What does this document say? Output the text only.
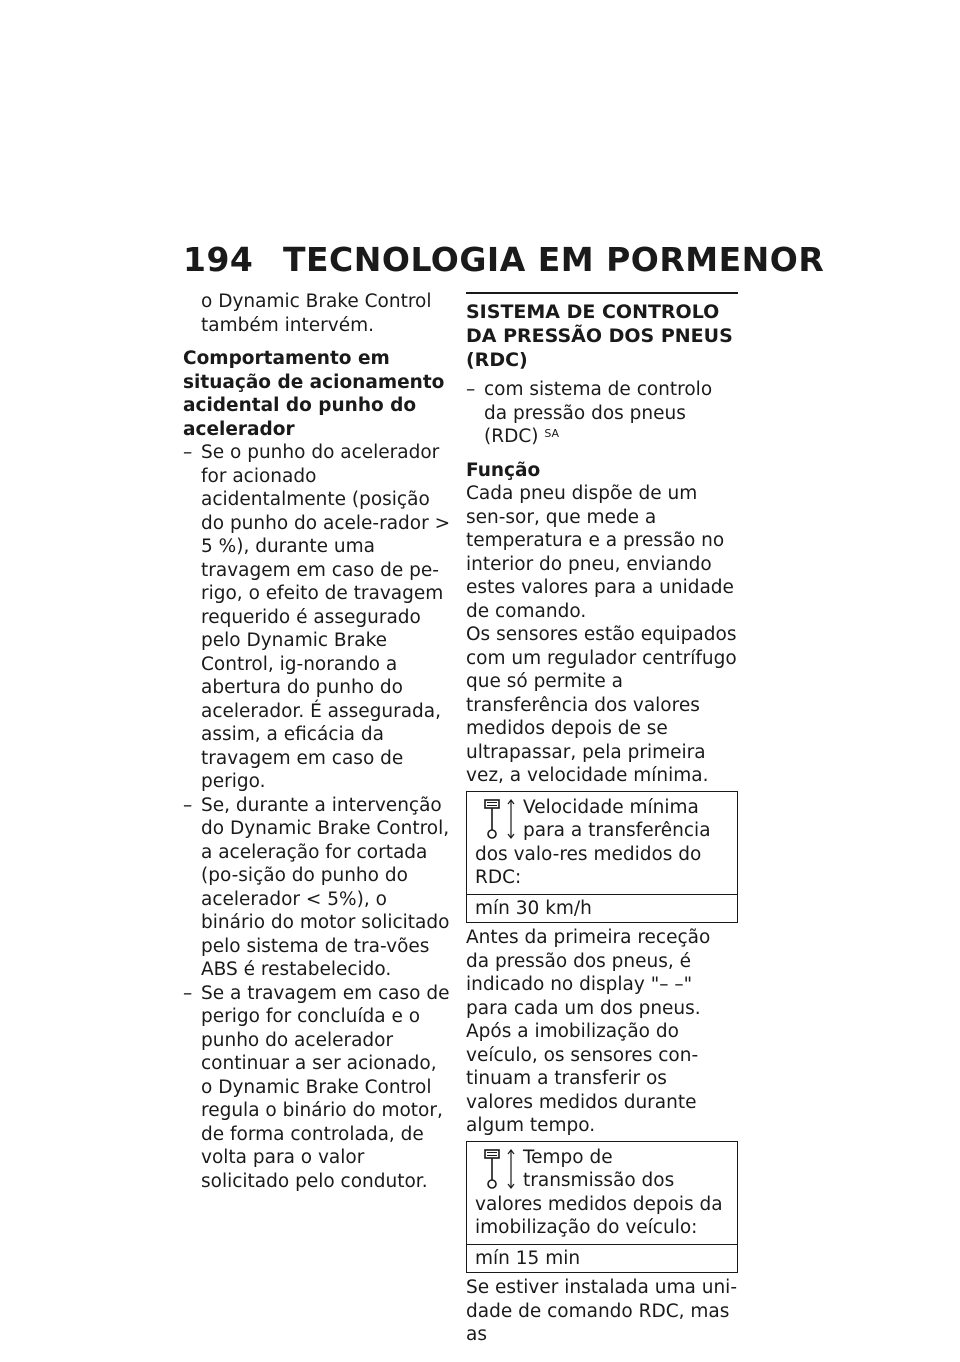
194 TECNOLOGIA EM PORMENOR

o Dynamic Brake Control também intervém.

Comportamento em situação de acionamento acidental do punho do acelerador

– Se o punho do acelerador for acionado acidentalmente (posição do punho do acele-rador > 5 %), durante uma travagem em caso de pe-rigo, o efeito de travagem requerido é assegurado pelo Dynamic Brake Control, ig-norando a abertura do punho do acelerador. É assegurada, assim, a eficácia da travagem em caso de perigo.
– Se, durante a intervenção do Dynamic Brake Control, a aceleração for cortada (po-sição do punho do acelerador < 5%), o binário do motor solicitado pelo sistema de tra-vões ABS é restabelecido.
– Se a travagem em caso de perigo for concluída e o punho do acelerador continuar a ser acionado, o Dynamic Brake Control regula o binário do motor, de forma controlada, de volta para o valor solicitado pelo condutor.

SISTEMA DE CONTROLO DA PRESSÃO DOS PNEUS (RDC)

– com sistema de controlo da pressão dos pneus (RDC) $^{SA}$

Função

Cada pneu dispõe de um sen-sor, que mede a temperatura e a pressão no interior do pneu, enviando estes valores para a unidade de comando.

Os sensores estão equipados com um regulador centrífugo que só permite a transferência dos valores medidos depois de se ultrapassar, pela primeira vez, a velocidade mínima.

Velocidade mínima para a transferência dos valo-res medidos do RDC:
mín 30 km/h

Antes da primeira receção da pressão dos pneus, é indicado no display "– –" para cada um dos pneus. Após a imobilização do veículo, os sensores con-tinuam a transferir os valores medidos durante algum tempo.

Tempo de transmissão dos valores medidos depois da imobilização do veículo:
mín 15 min

Se estiver instalada uma uni-dade de comando RDC, mas as
